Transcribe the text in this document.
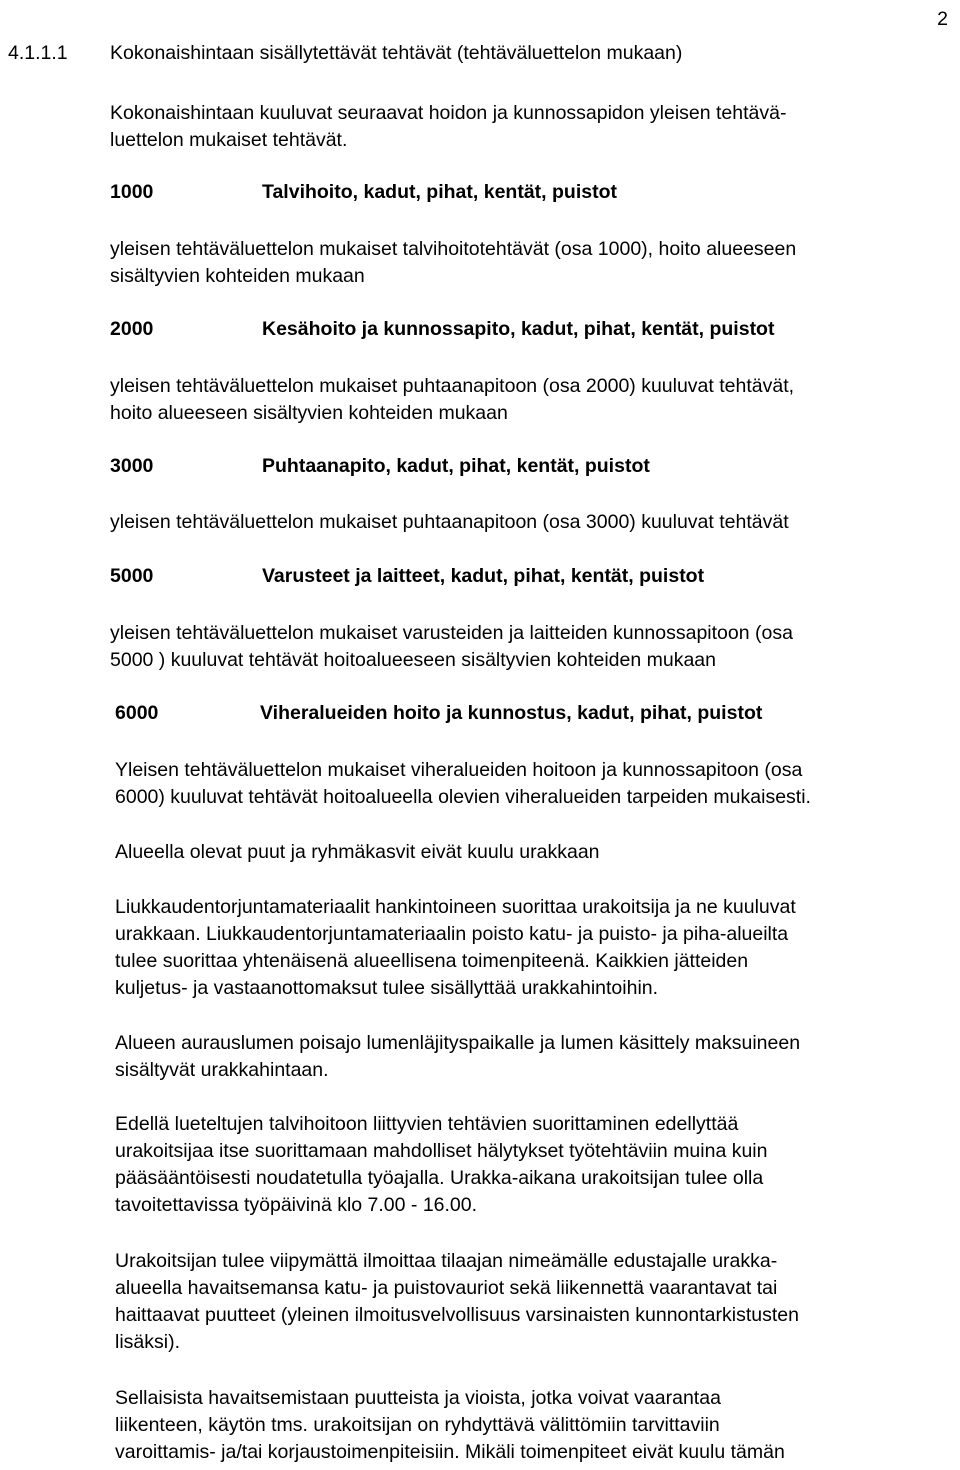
2
4.1.1.1 Kokonaishintaan sisällytettävät tehtävät (tehtäväluettelon mukaan)
Kokonaishintaan kuuluvat seuraavat hoidon ja kunnossapidon yleisen tehtävä-
luettelon mukaiset tehtävät.
1000	Talvihoito, kadut, pihat, kentät, puistot
yleisen tehtäväluettelon mukaiset talvihoitotehtävät (osa 1000), hoito alueeseen
sisältyvien kohteiden mukaan
2000	Kesähoito ja kunnossapito, kadut, pihat, kentät, puistot
yleisen tehtäväluettelon mukaiset puhtaanapitoon (osa 2000) kuuluvat tehtävät,
hoito alueeseen sisältyvien kohteiden mukaan
3000	Puhtaanapito, kadut, pihat, kentät, puistot
yleisen tehtäväluettelon mukaiset puhtaanapitoon (osa 3000) kuuluvat tehtävät
5000	Varusteet ja laitteet, kadut, pihat, kentät, puistot
yleisen tehtäväluettelon mukaiset varusteiden ja laitteiden kunnossapitoon (osa
5000 ) kuuluvat tehtävät hoitoalueeseen sisältyvien kohteiden mukaan
6000	Viheralueiden hoito ja kunnostus, kadut, pihat, puistot
Yleisen tehtäväluettelon mukaiset viheralueiden hoitoon ja kunnossapitoon (osa
6000) kuuluvat tehtävät hoitoalueella olevien viheralueiden tarpeiden mukaisesti.
Alueella olevat puut ja ryhmäkasvit eivät kuulu urakkaan
Liukkaudentorjuntamateriaalit hankintoineen suorittaa urakoitsija ja ne kuuluvat
urakkaan. Liukkaudentorjuntamateriaalin poisto katu- ja puisto- ja piha-alueilta
tulee suorittaa yhtenäisenä alueellisena toimenpiteenä. Kaikkien jätteiden
kuljetus- ja vastaanottomaksut tulee sisällyttää urakkahintoihin.
Alueen aurauslumen poisajo lumenläjityspaikalle ja lumen käsittely maksuineen
sisältyvät urakkahintaan.
Edellä lueteltujen talvihoitoon liittyvien tehtävien suorittaminen edellyttää
urakoitsijaa itse suorittamaan mahdolliset hälytykset työtehtäviin muina kuin
pääsääntöisesti noudatetulla työajalla. Urakka-aikana urakoitsijan tulee olla
tavoitettavissa työpäivinä klo 7.00 - 16.00.
Urakoitsijan tulee viipymättä ilmoittaa tilaajan nimeämälle edustajalle urakka-
alueella havaitsemansa katu- ja puistovauriot sekä liikennettä vaarantavat tai
haittaavat puutteet (yleinen ilmoitusvelvollisuus varsinaisten kunnontarkistusten
lisäksi).
Sellaisista havaitsemistaan puutteista ja vioista, jotka voivat vaarantaa
liikenteen, käytön tms. urakoitsijan on ryhdyttävä välittömiin tarvittaviin
varoittamis- ja/tai korjaustoimenpiteisiin. Mikäli toimenpiteet eivät kuulu tämän
